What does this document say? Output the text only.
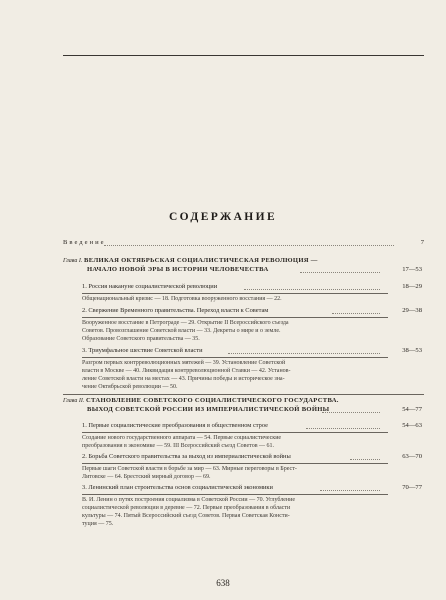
СОДЕРЖАНИЕ
Введение	7
Глава I. ВЕЛИКАЯ ОКТЯБРЬСКАЯ СОЦИАЛИСТИЧЕСКАЯ РЕВОЛЮЦИЯ —
НАЧАЛО НОВОЙ ЭРЫ В ИСТОРИИ ЧЕЛОВЕЧЕСТВА	17—53
1. Россия накануне социалистической революции	18—29
Общенациональный кризис — 18. Подготовка вооруженного восстания — 22.
2. Свержение Временного правительства. Переход власти к Советам	29—38
Вооруженное восстание в Петрограде — 29. Открытие II Всероссийского съезда
Советов. Провозглашение Советской власти — 33. Декреты о мире и о земле.
Образование Советского правительства — 35.
3. Триумфальное шествие Советской власти	38—53
Разгром первых контрреволюционных мятежей — 39. Установление Советской
власти в Москве — 40. Ликвидация контрреволюционной Ставки — 42. Установ-
ление Советской власти на местах — 43. Причины победы и историческое зна-
чение Октябрьской революции — 50.
Глава II. СТАНОВЛЕНИЕ СОВЕТСКОГО СОЦИАЛИСТИЧЕСКОГО ГОСУДАРСТВА.
ВЫХОД СОВЕТСКОЙ РОССИИ ИЗ ИМПЕРИАЛИСТИЧЕСКОЙ ВОЙНЫ	54—77
1. Первые социалистические преобразования в общественном строе	54—63
Создание нового государственного аппарата — 54. Первые социалистические
преобразования в экономике — 59. III Всероссийский съезд Советов — 61.
2. Борьба Советского правительства за выход из империалистической войны	63—70
Первые шаги Советской власти в борьбе за мир — 63. Мирные переговоры в Брест-
Литовске — 64. Брестский мирный договор — 69.
3. Ленинский план строительства основ социалистической экономики	70—77
В. И. Ленин о путях построения социализма в Советской России — 70. Углубление
социалистической революции в деревне — 72. Первые преобразования в области
культуры — 74. Пятый Всероссийский съезд Советов. Первая Советская Консти-
туция — 75.
638
